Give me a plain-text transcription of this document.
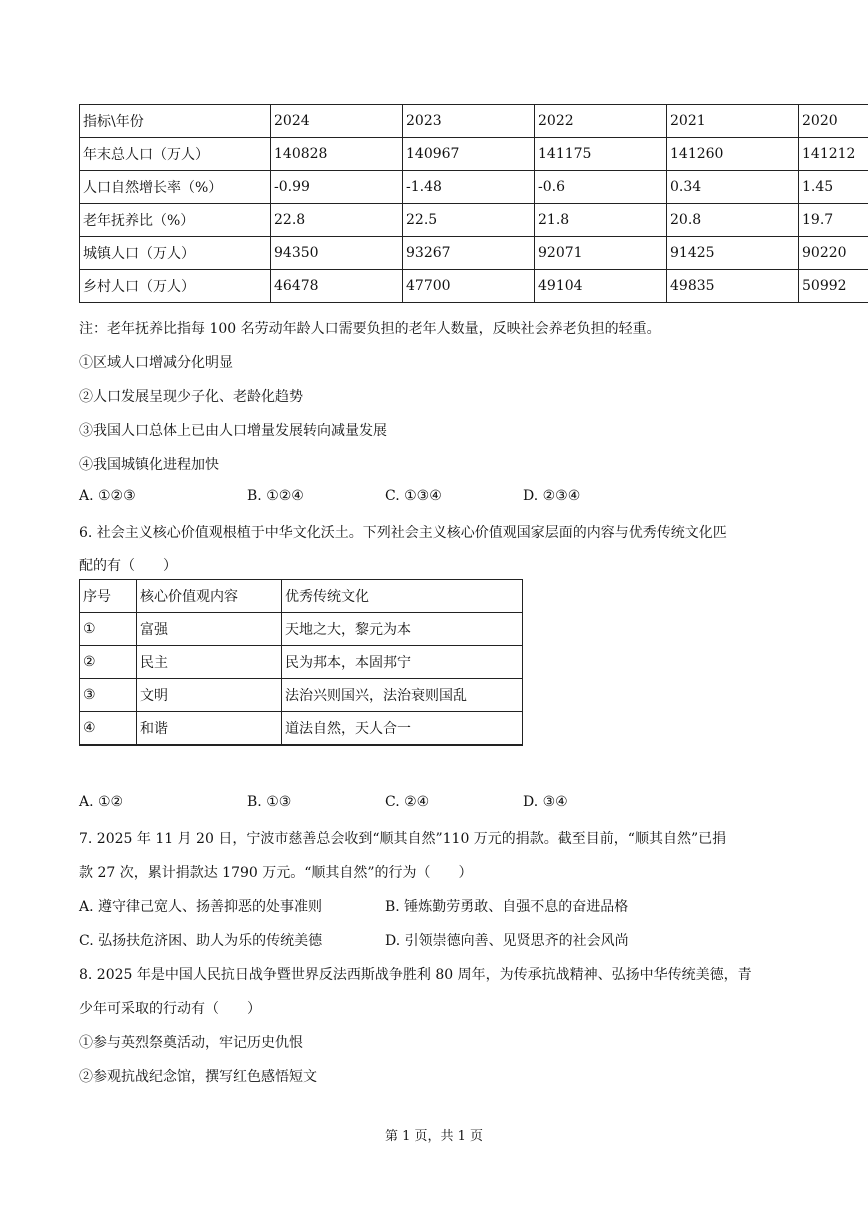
指标\年份	2024	2023	2022	2021	2020
年末总人口（万人）	140828	140967	141175	141260	141212
人口自然增长率（%）	-0.99	-1.48	-0.6	0.34	1.45
老年抚养比（%）	22.8	22.5	21.8	20.8	19.7
城镇人口（万人）	94350	93267	92071	91425	90220
乡村人口（万人）	46478	47700	49104	49835	50992
注：老年抚养比指每 100 名劳动年龄人口需要负担的老年人数量，反映社会养老负担的轻重。
①区域人口增减分化明显
②人口发展呈现少子化、老龄化趋势
③我国人口总体上已由人口增量发展转向减量发展
④我国城镇化进程加快
A. ①②③	B. ①②④	C. ①③④	D. ②③④
6. 社会主义核心价值观根植于中华文化沃土。下列社会主义核心价值观国家层面的内容与优秀传统文化匹
配的有（　　）
序号	核心价值观内容	优秀传统文化
①	富强	天地之大，黎元为本
②	民主	民为邦本，本固邦宁
③	文明	法治兴则国兴，法治衰则国乱
④	和谐	道法自然，天人合一
A. ①②	B. ①③	C. ②④	D. ③④
7. 2025 年 11 月 20 日，宁波市慈善总会收到“顺其自然”110 万元的捐款。截至目前，“顺其自然”已捐
款 27 次，累计捐款达 1790 万元。“顺其自然”的行为（　　）
A. 遵守律己宽人、扬善抑恶的处事准则	B. 锤炼勤劳勇敢、自强不息的奋进品格
C. 弘扬扶危济困、助人为乐的传统美德	D. 引领崇德向善、见贤思齐的社会风尚
8. 2025 年是中国人民抗日战争暨世界反法西斯战争胜利 80 周年，为传承抗战精神、弘扬中华传统美德，青
少年可采取的行动有（　　）
①参与英烈祭奠活动，牢记历史仇恨
②参观抗战纪念馆，撰写红色感悟短文
第 1 页，共 1 页
